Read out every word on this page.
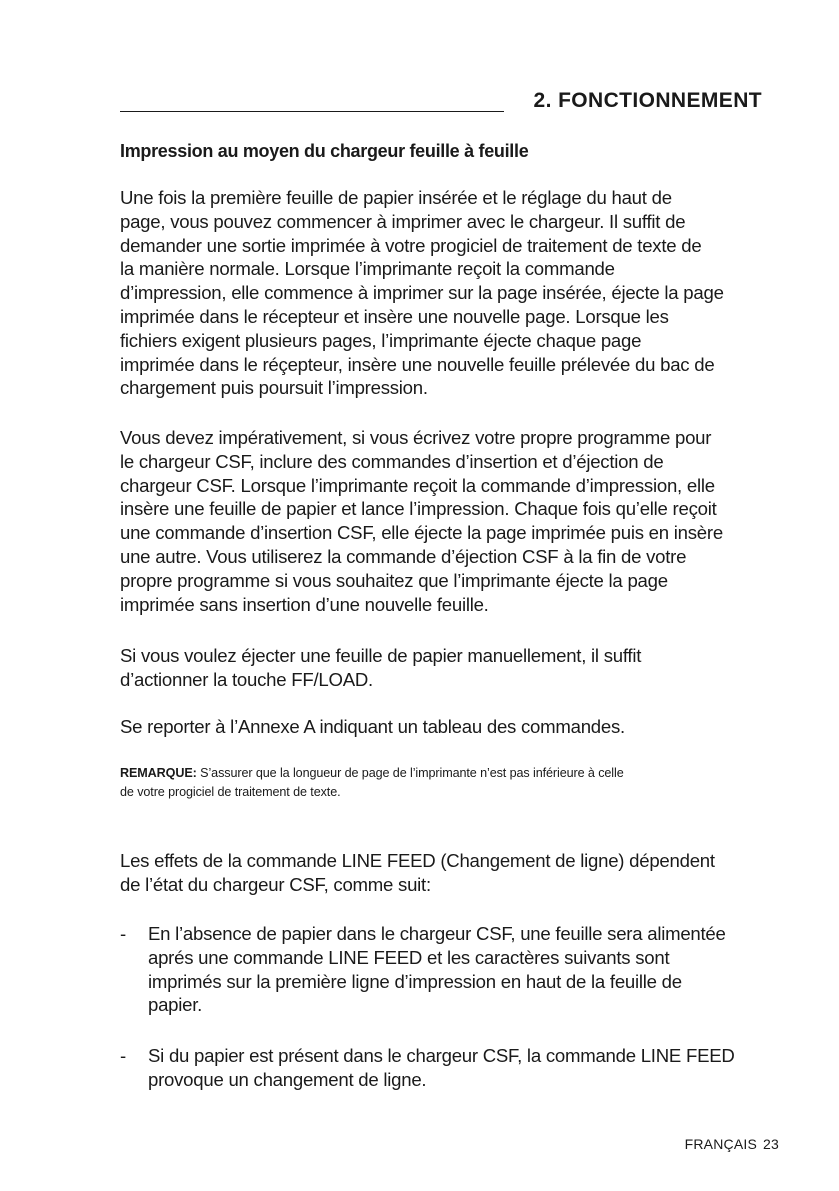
2. FONCTIONNEMENT
Impression au moyen du chargeur feuille à feuille

Une fois la première feuille de papier insérée et le réglage du haut de
page, vous pouvez commencer à imprimer avec le chargeur. Il suffit de
demander une sortie imprimée à votre progiciel de traitement de texte de
la manière normale. Lorsque l’imprimante reçoit la commande
d’impression, elle commence à imprimer sur la page insérée, éjecte la page
imprimée dans le récepteur et insère une nouvelle page. Lorsque les
fichiers exigent plusieurs pages, l’imprimante éjecte chaque page
imprimée dans le réçepteur, insère une nouvelle feuille prélevée du bac de
chargement puis poursuit l’impression.

Vous devez impérativement, si vous écrivez votre propre programme pour
le chargeur CSF, inclure des commandes d’insertion et d’éjection de
chargeur CSF. Lorsque l’imprimante reçoit la commande d’impression, elle
insère une feuille de papier et lance l’impression. Chaque fois qu’elle reçoit
une commande d’insertion CSF, elle éjecte la page imprimée puis en insère
une autre. Vous utiliserez la commande d’éjection CSF à la fin de votre
propre programme si vous souhaitez que l’imprimante éjecte la page
imprimée sans insertion d’une nouvelle feuille.

Si vous voulez éjecter une feuille de papier manuellement, il suffit
d’actionner la touche FF/LOAD.

Se reporter à l’Annexe A indiquant un tableau des commandes.

REMARQUE: S’assurer que la longueur de page de l’imprimante n’est pas inférieure à celle
de votre progiciel de traitement de texte.

Les effets de la commande LINE FEED (Changement de ligne) dépendent
de l’état du chargeur CSF, comme suit:

-	En l’absence de papier dans le chargeur CSF, une feuille sera alimentée
aprés une commande LINE FEED et les caractères suivants sont
imprimés sur la première ligne d’impression en haut de la feuille de
papier.
-	Si du papier est présent dans le chargeur CSF, la commande LINE FEED
provoque un changement de ligne.
FRANÇAIS 23
